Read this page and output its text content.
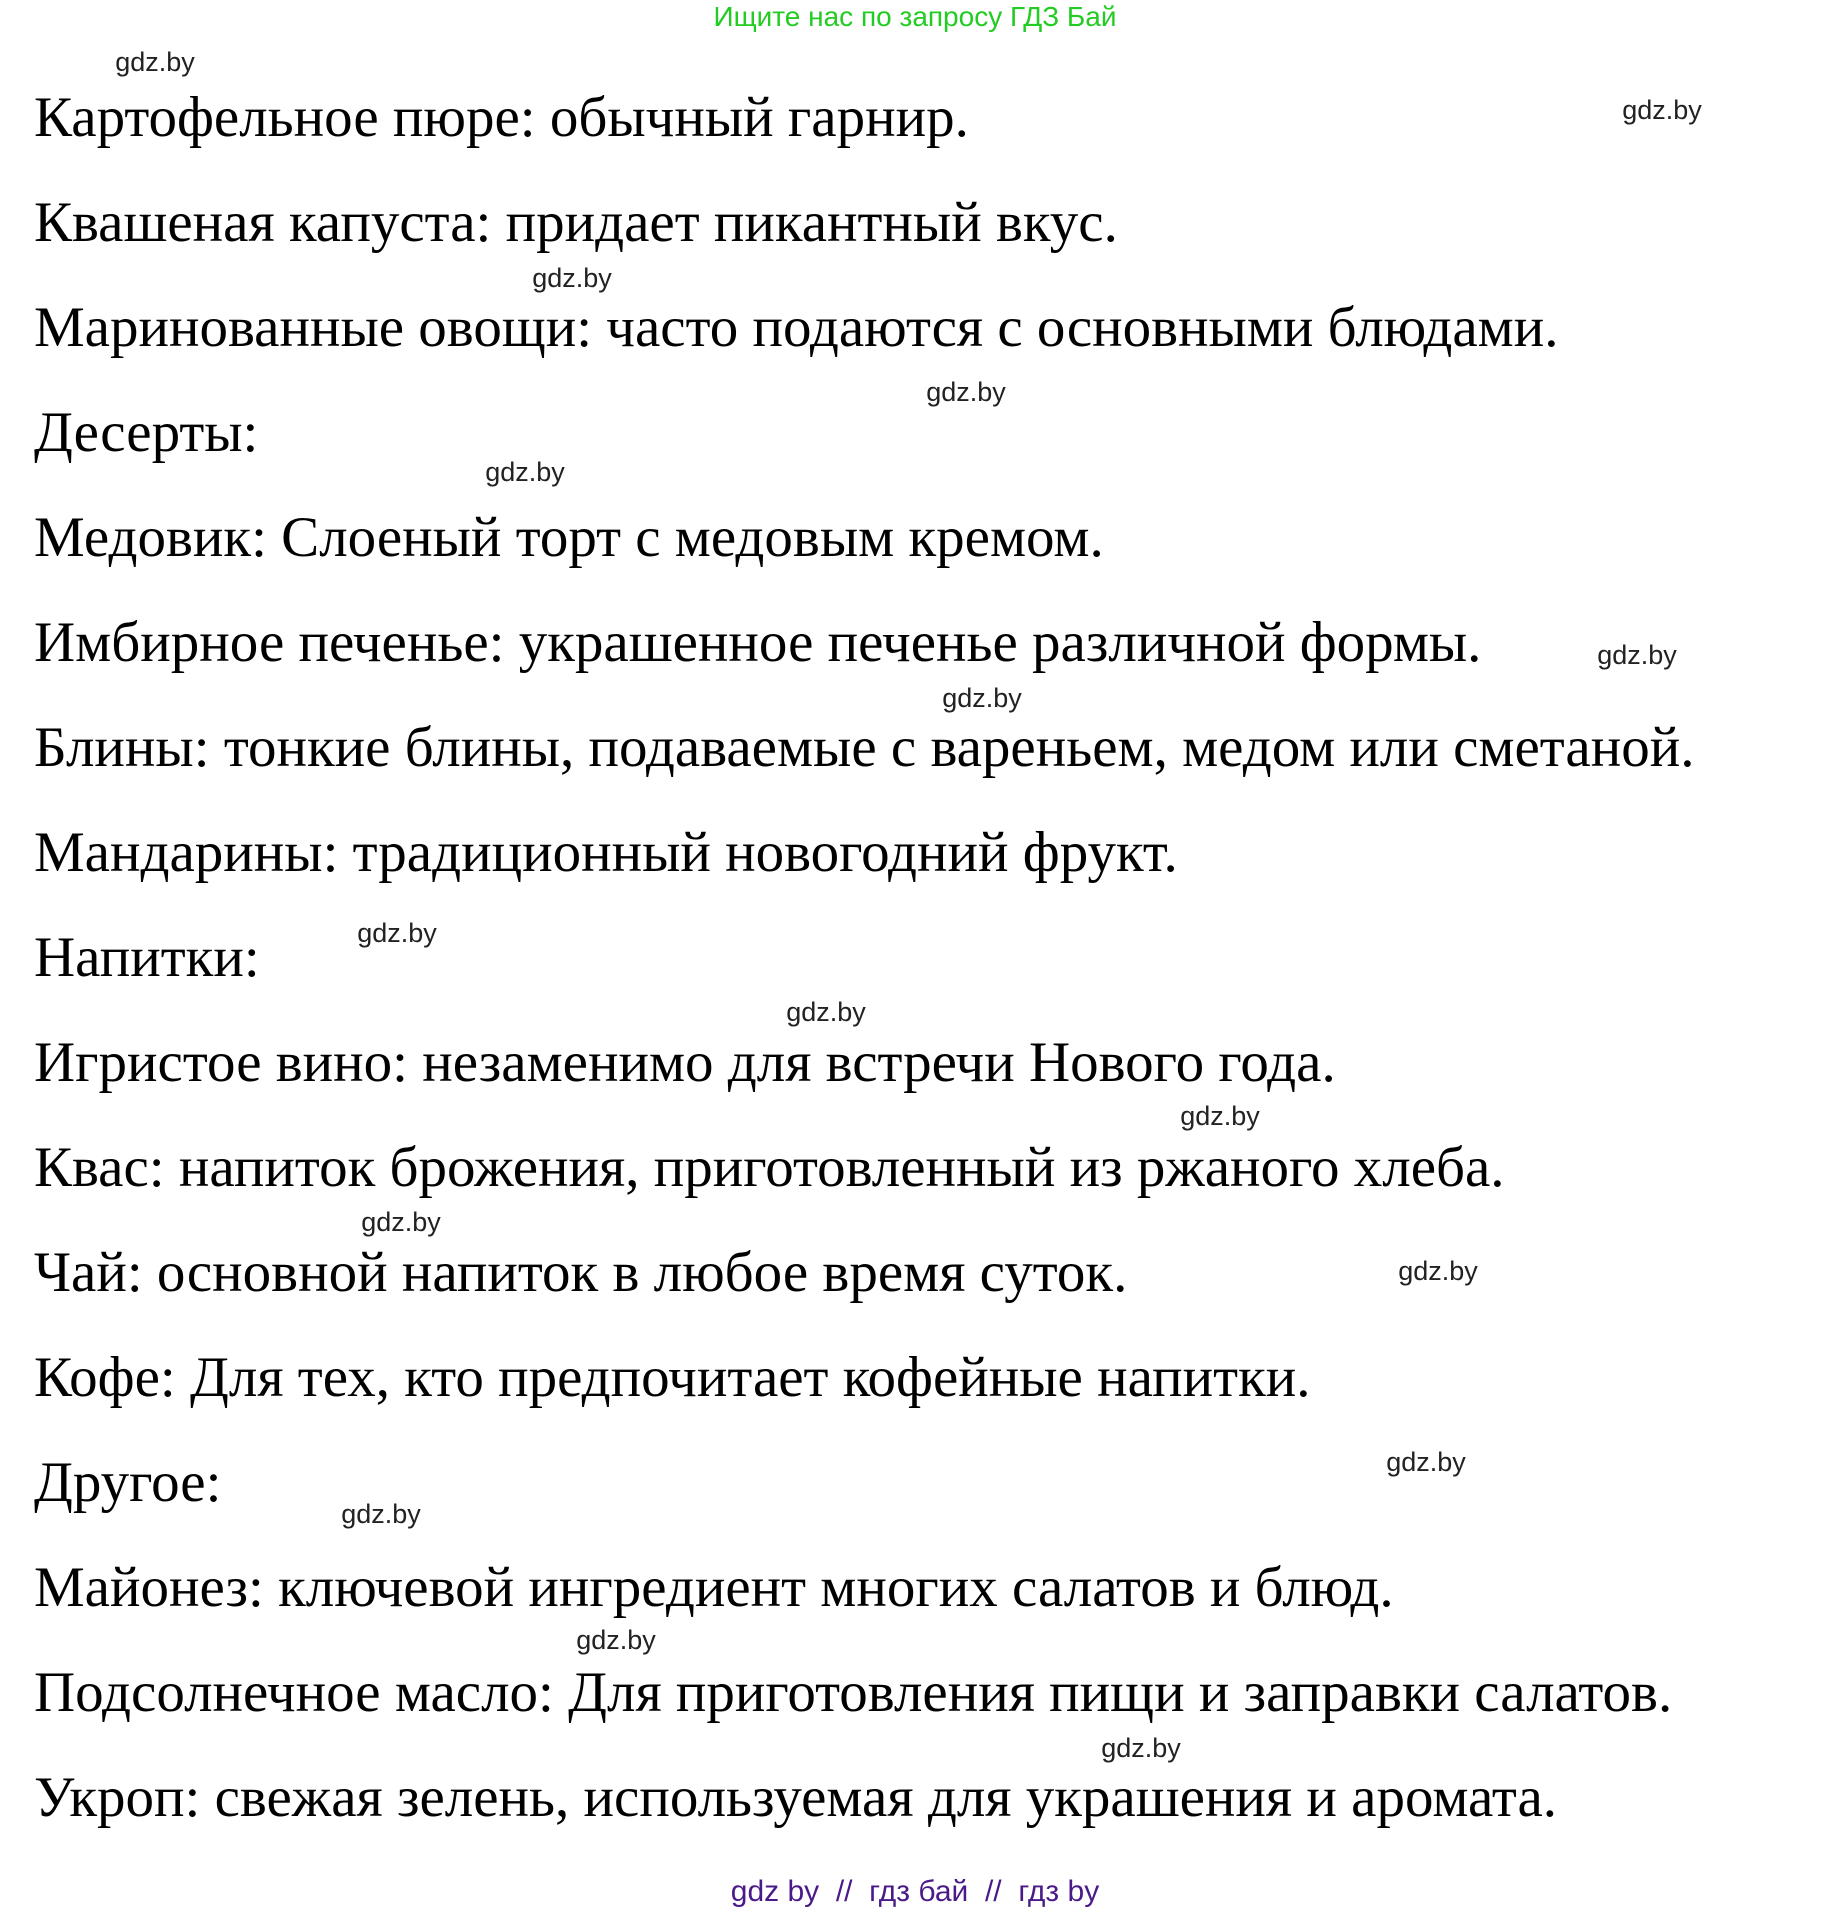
Ищите нас по запросу ГДЗ Бай
Картофельное пюре: обычный гарнир.
Квашеная капуста: придает пикантный вкус.
Маринованные овощи: часто подаются с основными блюдами.
Десерты:
Медовик: Слоеный торт с медовым кремом.
Имбирное печенье: украшенное печенье различной формы.
Блины: тонкие блины, подаваемые с вареньем, медом или сметаной.
Мандарины: традиционный новогодний фрукт.
Напитки:
Игристое вино: незаменимо для встречи Нового года.
Квас: напиток брожения, приготовленный из ржаного хлеба.
Чай: основной напиток в любое время суток.
Кофе: Для тех, кто предпочитает кофейные напитки.
Другое:
Майонез: ключевой ингредиент многих салатов и блюд.
Подсолнечное масло: Для приготовления пищи и заправки салатов.
Укроп: свежая зелень, используемая для украшения и аромата.
gdz.by
gdz.by
gdz.by
gdz.by
gdz.by
gdz.by
gdz.by
gdz.by
gdz.by
gdz.by
gdz.by
gdz.by
gdz.by
gdz.by
gdz.by
gdz.by
gdz by  //  гдз бай  //  гдз by
